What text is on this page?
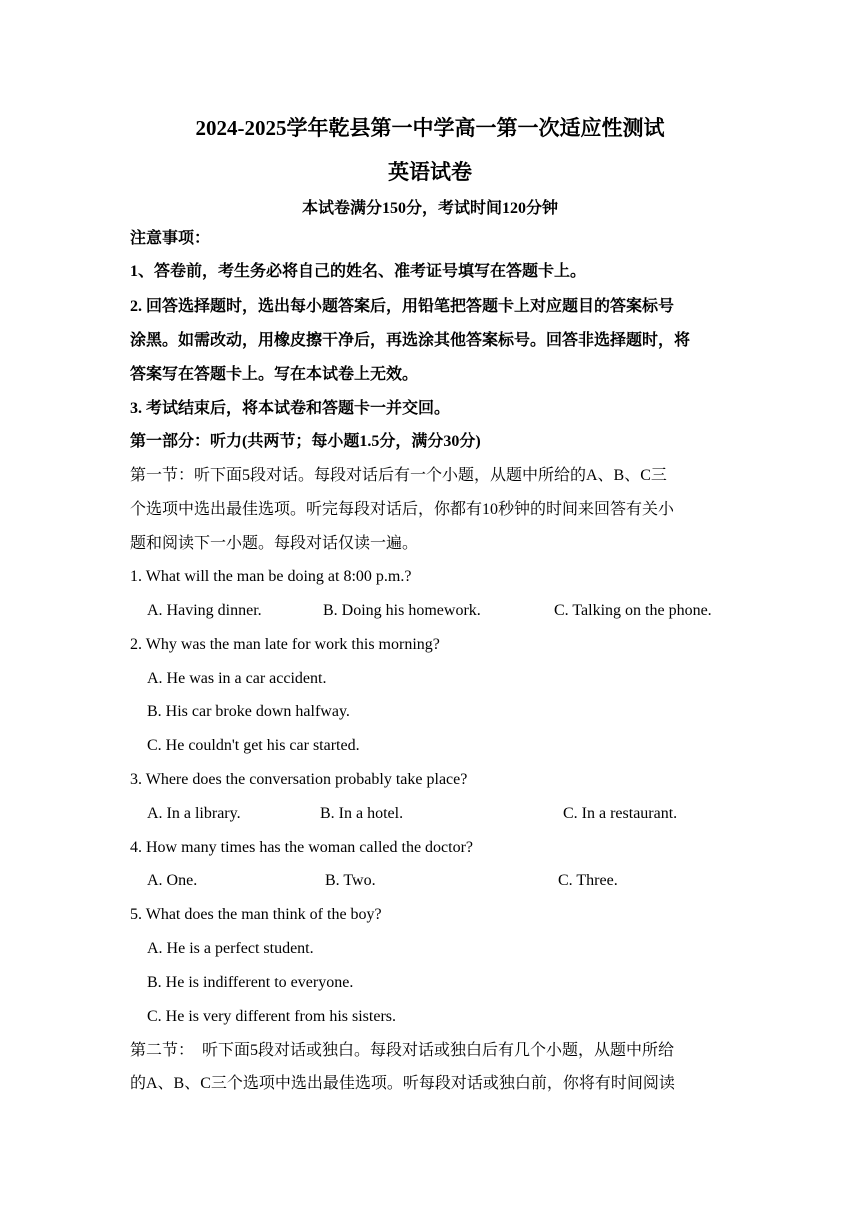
2024-2025学年乾县第一中学高一第一次适应性测试
英语试卷
本试卷满分150分，考试时间120分钟
注意事项：
1、答卷前，考生务必将自己的姓名、准考证号填写在答题卡上。
2. 回答选择题时，选出每小题答案后，用铅笔把答题卡上对应题目的答案标号
涂黑。如需改动，用橡皮擦干净后，再选涂其他答案标号。回答非选择题时，将
答案写在答题卡上。写在本试卷上无效。
3. 考试结束后，将本试卷和答题卡一并交回。
第一部分：听力(共两节；每小题1.5分，满分30分)
第一节：听下面5段对话。每段对话后有一个小题，从题中所给的A、B、C三
个选项中选出最佳选项。听完每段对话后，你都有10秒钟的时间来回答有关小
题和阅读下一小题。每段对话仅读一遍。
1. What will the man be doing at 8:00 p.m.?
A. Having dinner.	B. Doing his homework.	C. Talking on the phone.
2. Why was the man late for work this morning?
A. He was in a car accident.
B. His car broke down halfway.
C. He couldn't get his car started.
3. Where does the conversation probably take place?
A. In a library.	B. In a hotel.	C. In a restaurant.
4. How many times has the woman called the doctor?
A. One.	B. Two.	C. Three.
5. What does the man think of the boy?
A. He is a perfect student.
B. He is indifferent to everyone.
C. He is very different from his sisters.
第二节：　听下面5段对话或独白。每段对话或独白后有几个小题，从题中所给
的A、B、C三个选项中选出最佳选项。听每段对话或独白前，你将有时间阅读
